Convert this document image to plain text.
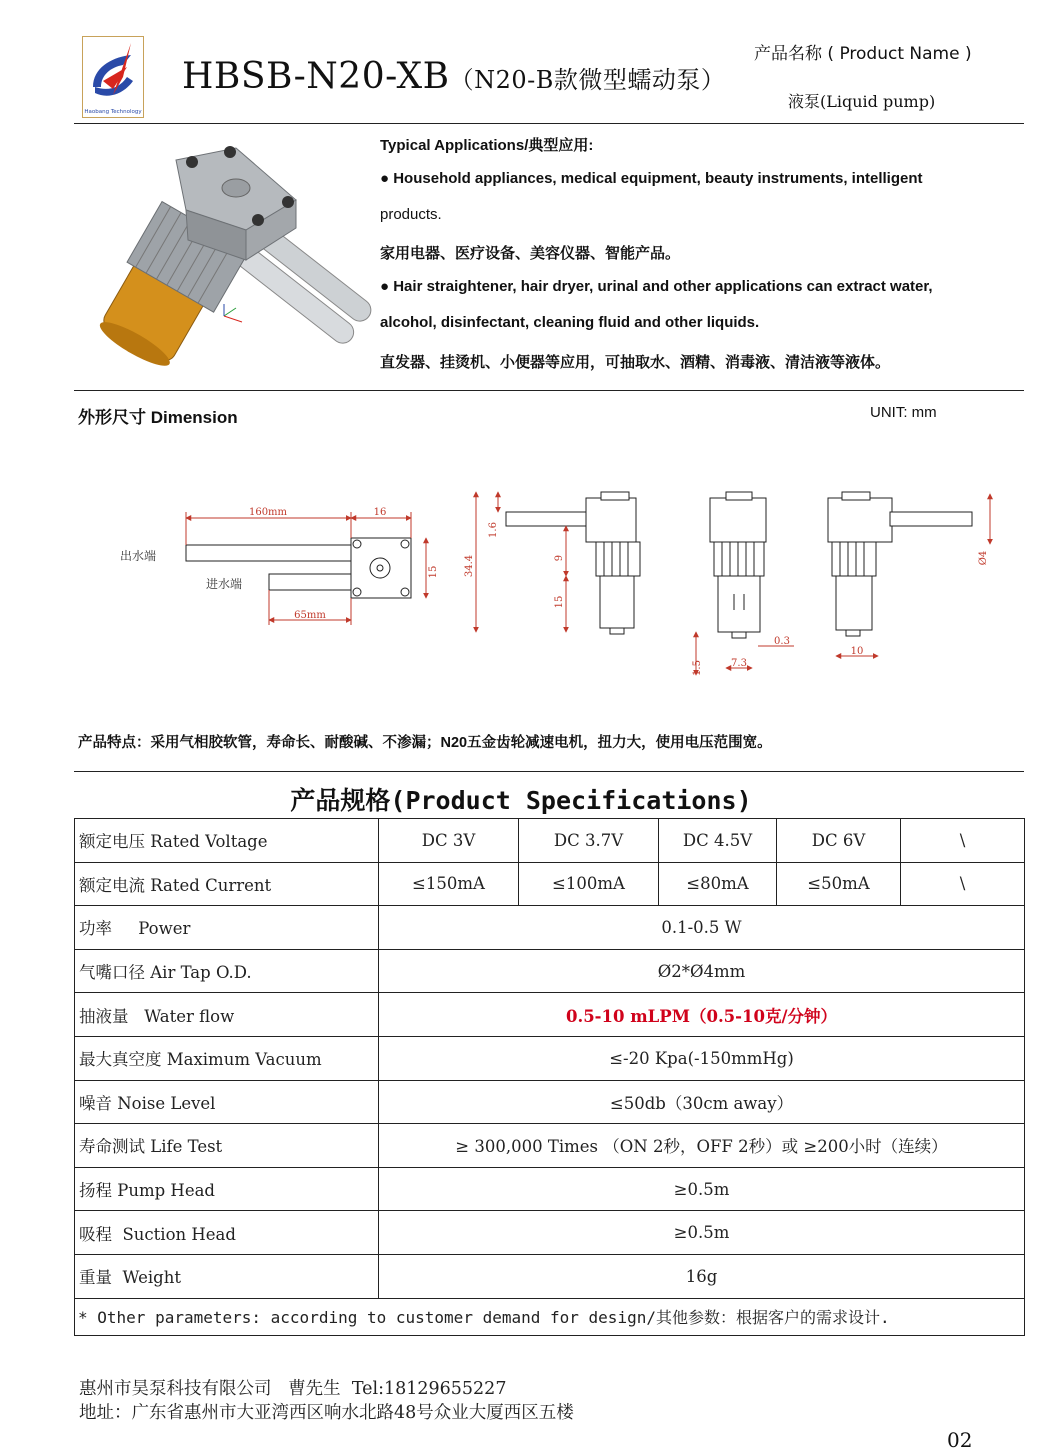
Haobang Technology
HBSB-N20-XB（N20-B款微型蠕动泵）
产品名称 ( Product Name )
液泵(Liquid pump)
Typical Applications/典型应用:
● Household appliances, medical equipment, beauty instruments, intelligent
products.
家用电器、医疗设备、美容仪器、智能产品。
● Hair straightener, hair dryer, urinal and other applications can extract water,
alcohol, disinfectant, cleaning fluid and other liquids.
直发器、挂烫机、小便器等应用，可抽取水、酒精、消毒液、清洁液等液体。
外形尺寸 Dimension	UNIT: mm
160mm	16
15
65mm
1.6
34.4	9
15
1.5	7.3
0.3
10
Ø4
出水端
进水端
产品特点：采用气相胶软管，寿命长、耐酸碱、不渗漏；N20五金齿轮减速电机，扭力大，使用电压范围宽。
产品规格(Product Specifications)
额定电压 Rated Voltage	DC 3V	DC 3.7V	DC 4.5V	DC 6V	\
额定电流 Rated Current	≤150mA	≤100mA	≤80mA	≤50mA	\
功率     Power	0.1-0.5 W				
气嘴口径 Air Tap O.D.	Ø2*Ø4mm				
抽液量   Water flow	0.5-10 mLPM（0.5-10克/分钟）				
最大真空度 Maximum Vacuum	≤-20 Kpa(-150mmHg)				
噪音 Noise Level	≤50db（30cm away）				
寿命测试 Life Test	≥ 300,000 Times （ON 2秒，OFF 2秒）或 ≥200小时（连续）				
扬程 Pump Head	≥0.5m				
吸程  Suction Head	≥0.5m				
重量  Weight	16g				
* Other parameters: according to customer demand for design/其他参数：根据客户的需求设计.					
惠州市昊泵科技有限公司   曹先生  Tel:18129655227
地址：广东省惠州市大亚湾西区响水北路48号众业大厦西区五楼
02
